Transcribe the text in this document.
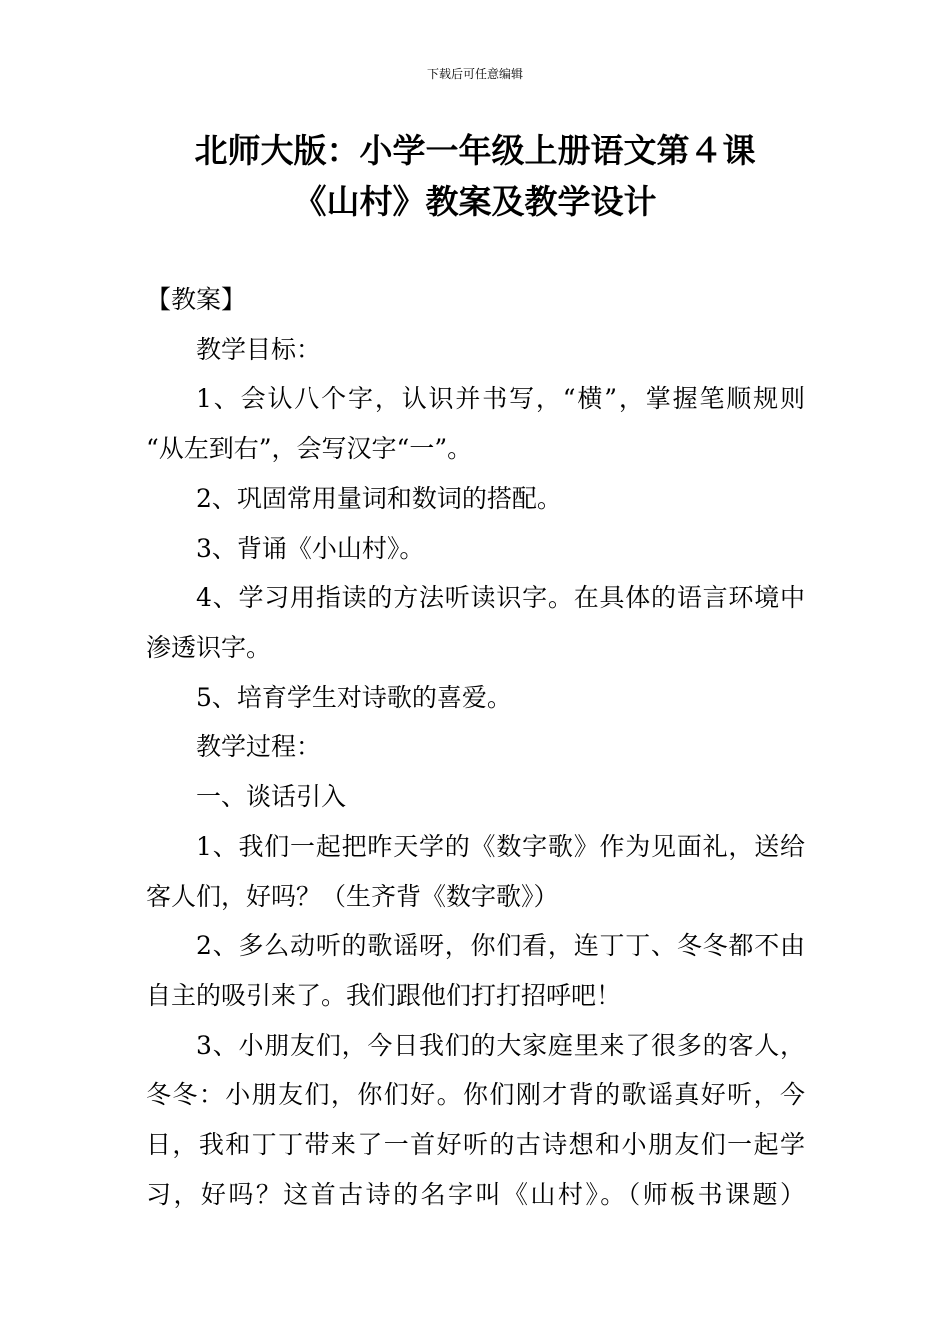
下载后可任意编辑
北师大版：小学一年级上册语文第４课
《山村》教案及教学设计
【教案】
教学目标：
1、会认八个字，认识并书写，“横”，掌握笔顺规则
“从左到右”，会写汉字“一”。
2、巩固常用量词和数词的搭配。
3、背诵《小山村》。
4、学习用指读的方法听读识字。在具体的语言环境中
渗透识字。
5、培育学生对诗歌的喜爱。
教学过程：
一、谈话引入
1、我们一起把昨天学的《数字歌》作为见面礼，送给
客人们，好吗？（生齐背《数字歌》）
2、多么动听的歌谣呀，你们看，连丁丁、冬冬都不由
自主的吸引来了。我们跟他们打打招呼吧！
3、小朋友们，今日我们的大家庭里来了很多的客人，
冬冬：小朋友们，你们好。你们刚才背的歌谣真好听，今
日，我和丁丁带来了一首好听的古诗想和小朋友们一起学
习，好吗？这首古诗的名字叫《山村》。（师板书课题）
